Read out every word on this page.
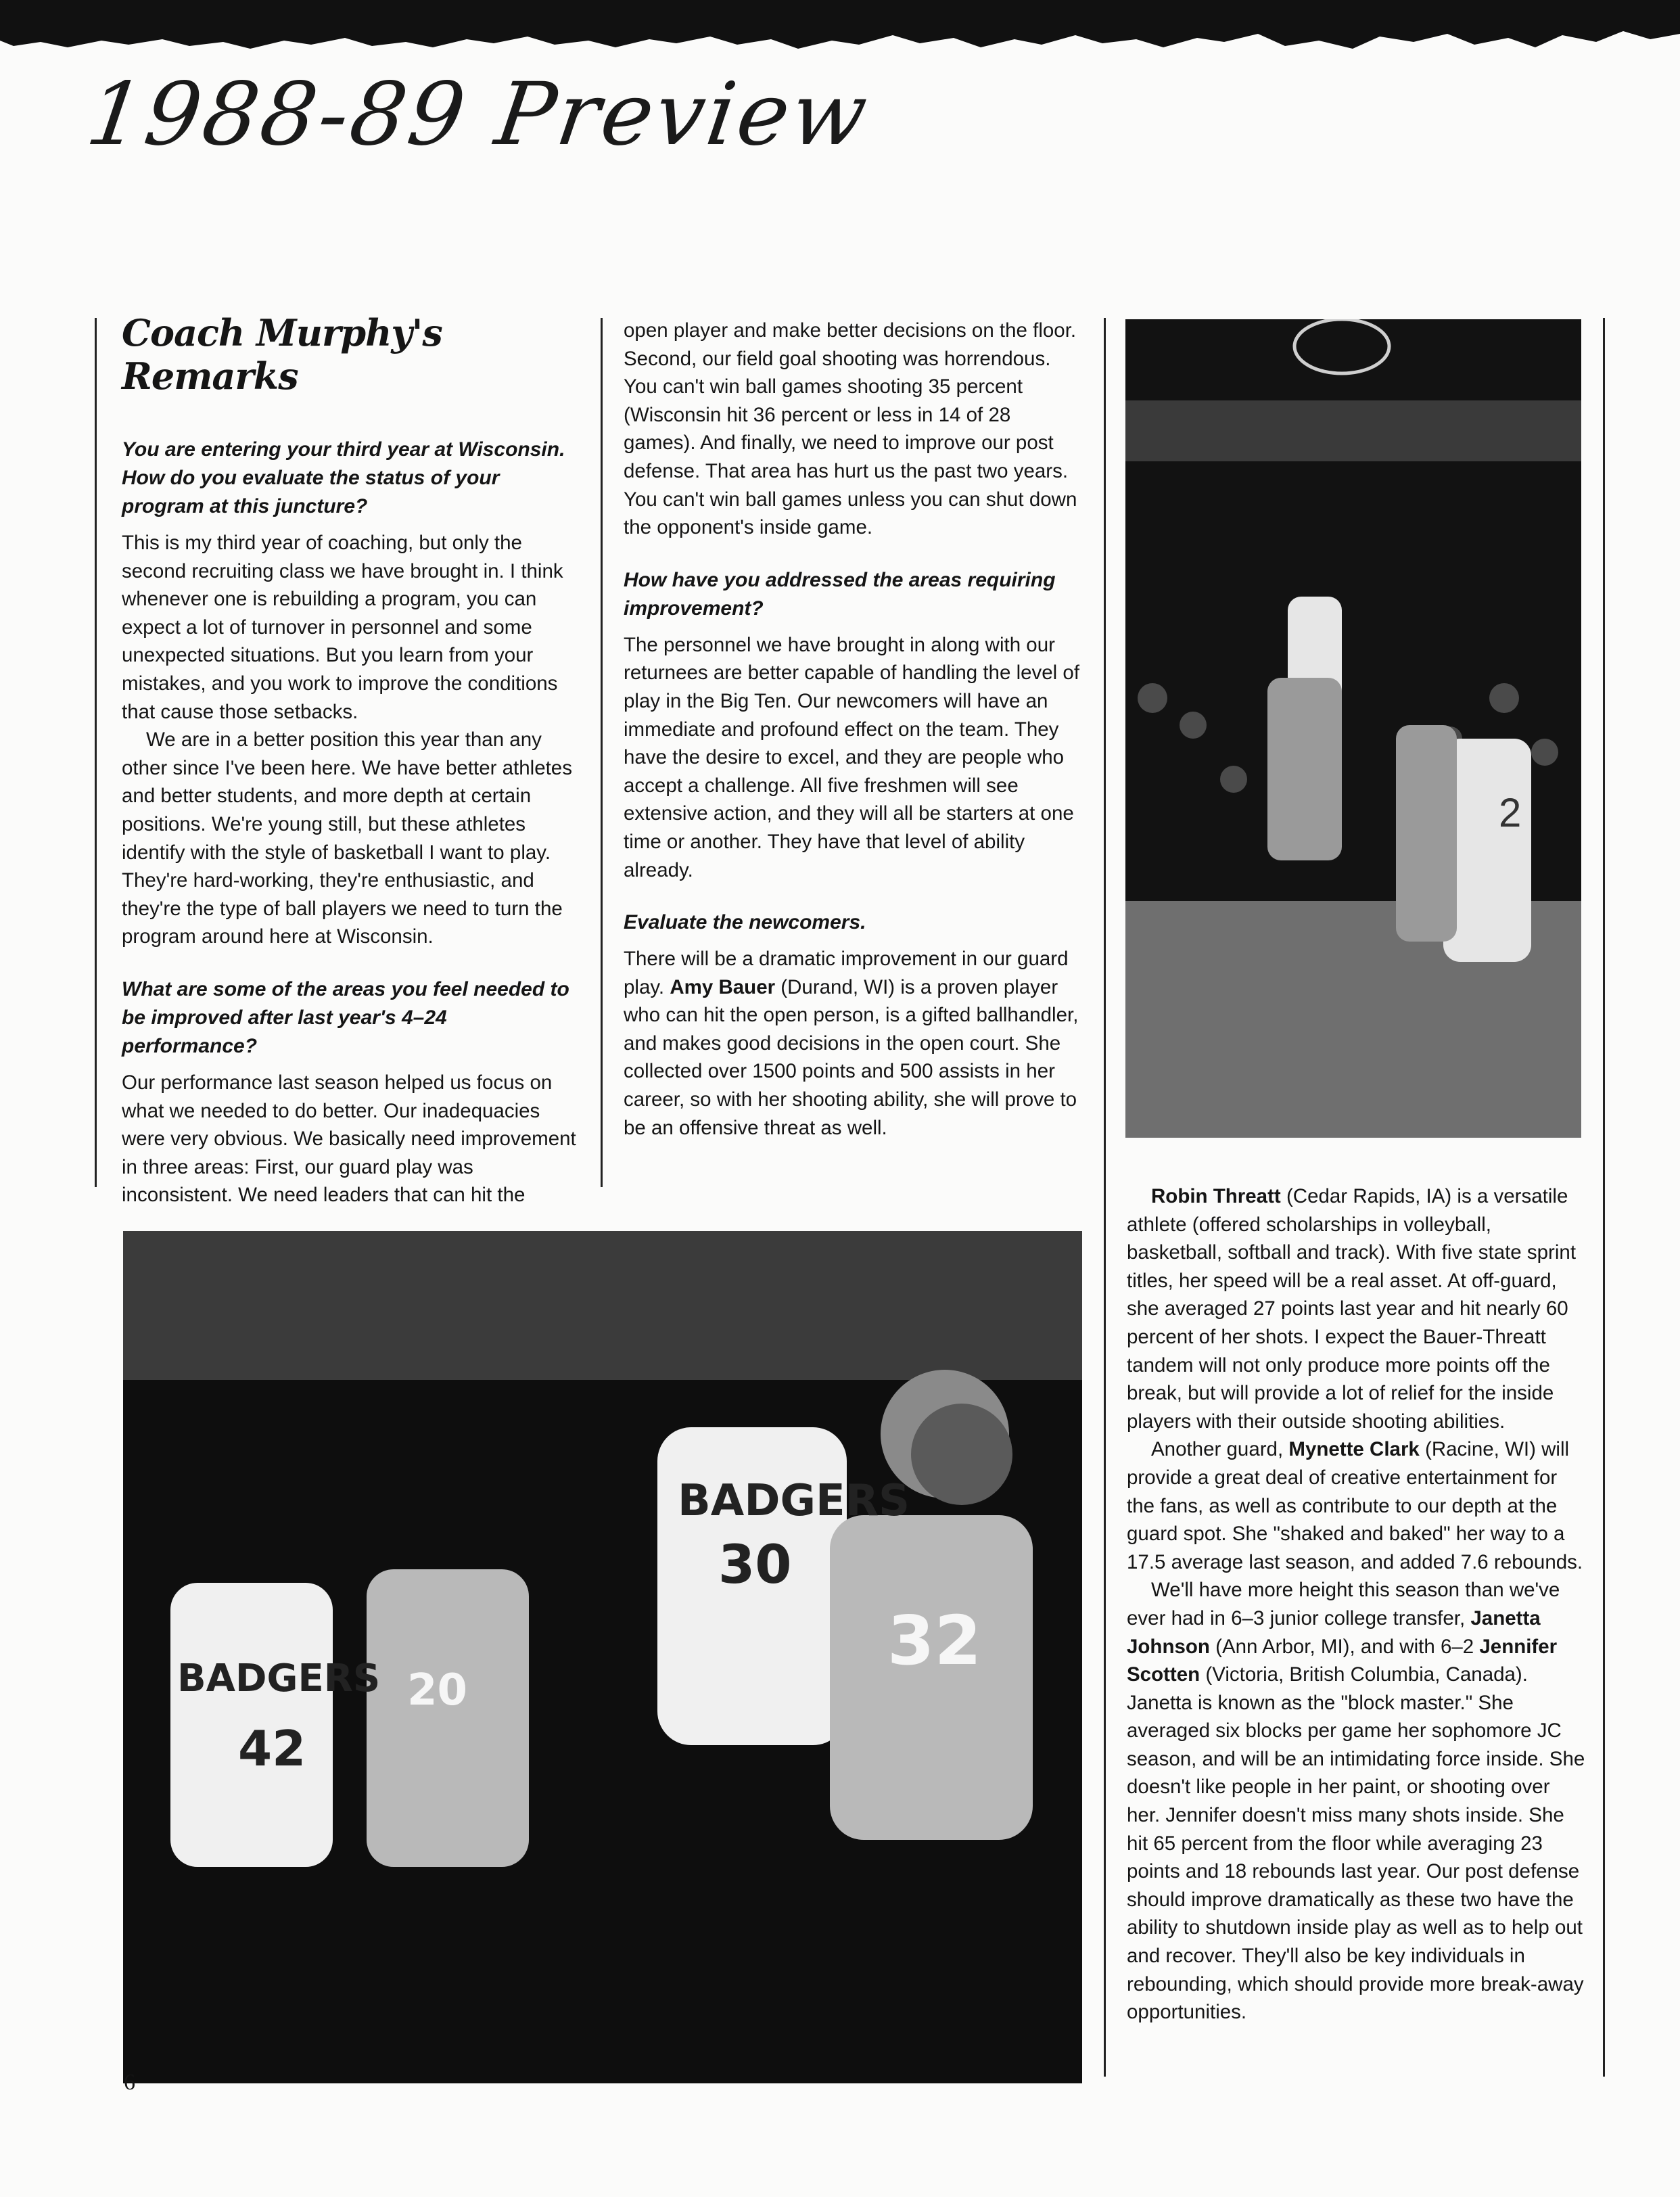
1988-89 Preview
Coach Murphy's Remarks

You are entering your third year at Wisconsin. How do you evaluate the status of your program at this juncture?

This is my third year of coaching, but only the second recruiting class we have brought in. I think whenever one is rebuilding a program, you can expect a lot of turnover in personnel and some unexpected situations. But you learn from your mistakes, and you work to improve the conditions that cause those setbacks.

We are in a better position this year than any other since I've been here. We have better athletes and better students, and more depth at certain positions. We're young still, but these athletes identify with the style of basketball I want to play. They're hard-working, they're enthusiastic, and they're the type of ball players we need to turn the program around here at Wisconsin.

What are some of the areas you feel needed to be improved after last year's 4–24 performance?

Our performance last season helped us focus on what we needed to do better. Our inadequacies were very obvious. We basically need improvement in three areas: First, our guard play was inconsistent. We need leaders that can hit the

open player and make better decisions on the floor. Second, our field goal shooting was horrendous. You can't win ball games shooting 35 percent (Wisconsin hit 36 percent or less in 14 of 28 games). And finally, we need to improve our post defense. That area has hurt us the past two years. You can't win ball games unless you can shut down the opponent's inside game.

How have you addressed the areas requiring improvement?

The personnel we have brought in along with our returnees are better capable of handling the level of play in the Big Ten. Our newcomers will have an immediate and profound effect on the team. They have the desire to excel, and they are people who accept a challenge. All five freshmen will see extensive action, and they will all be starters at one time or another. They have that level of ability already.

Evaluate the newcomers.

There will be a dramatic improvement in our guard play. Amy Bauer (Durand, WI) is a proven player who can hit the open person, is a gifted ballhandler, and makes good decisions in the open court. She collected over 1500 points and 500 assists in her career, so with her shooting ability, she will prove to be an offensive threat as well.

Robin Threatt (Cedar Rapids, IA) is a versatile athlete (offered scholarships in volleyball, basketball, softball and track). With five state sprint titles, her speed will be a real asset. At off-guard, she averaged 27 points last year and hit nearly 60 percent of her shots. I expect the Bauer-Threatt tandem will not only produce more points off the break, but will provide a lot of relief for the inside players with their outside shooting abilities.

Another guard, Mynette Clark (Racine, WI) will provide a great deal of creative entertainment for the fans, as well as contribute to our depth at the guard spot. She "shaked and baked" her way to a 17.5 average last season, and added 7.6 rebounds.

We'll have more height this season than we've ever had in 6–3 junior college transfer, Janetta Johnson (Ann Arbor, MI), and with 6–2 Jennifer Scotten (Victoria, British Columbia, Canada). Janetta is known as the "block master." She averaged six blocks per game her sophomore JC season, and will be an intimidating force inside. She doesn't like people in her paint, or shooting over her. Jennifer doesn't miss many shots inside. She hit 65 percent from the floor while averaging 23 points and 18 rebounds last year. Our post defense should improve dramatically as these two have the ability to shutdown inside play as well as to help out and recover. They'll also be key individuals in rebounding, which should provide more break-away opportunities.

2
BADGERS
30
BADGERS
42
20
32
6
